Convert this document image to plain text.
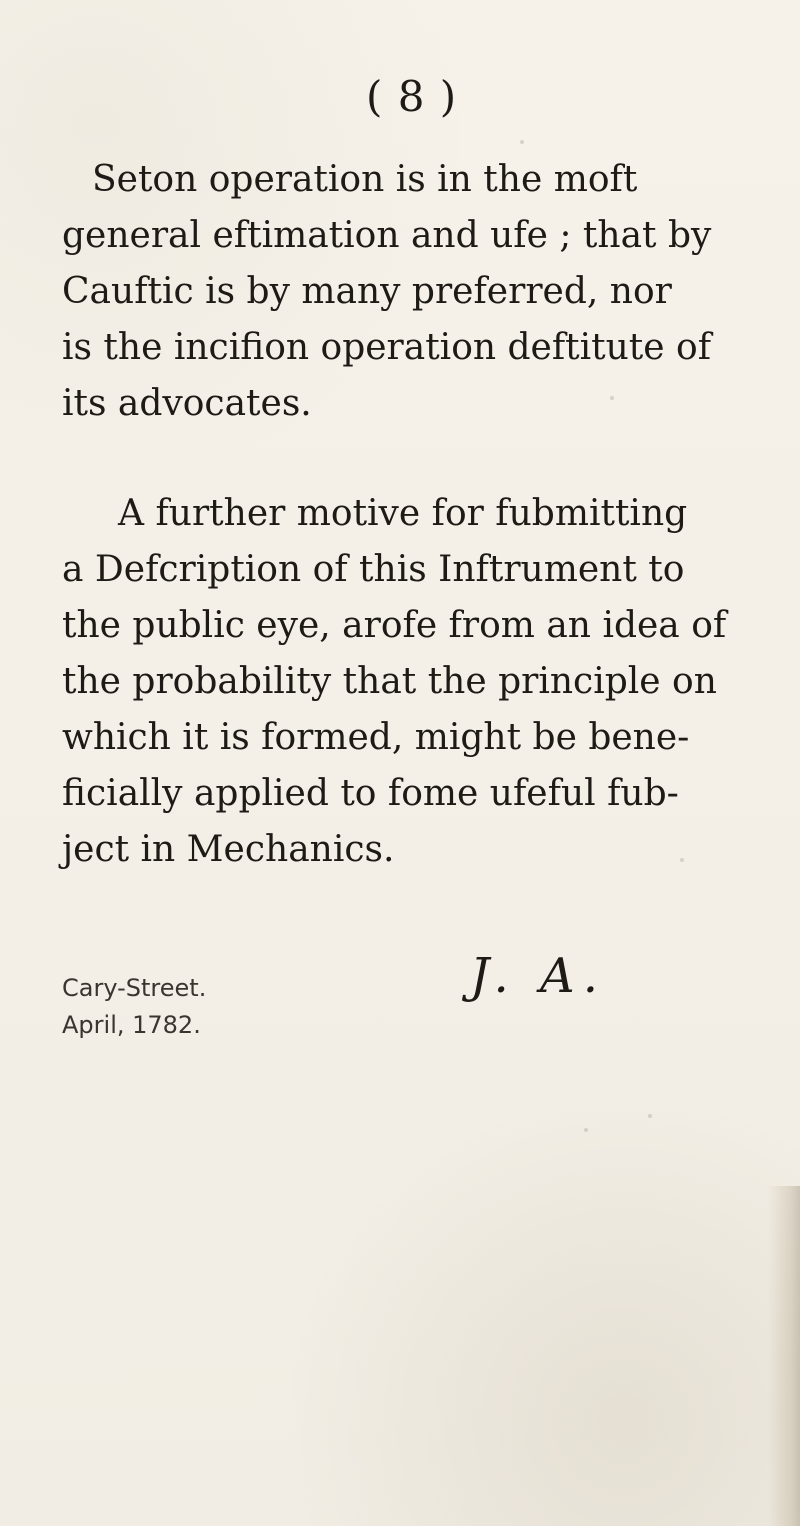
( 8 )

Seton operation is in the moft
general eftimation and ufe ; that by
Cauftic is by many preferred, nor
is the incifion operation deftitute of
its advocates.

A further motive for fubmitting
a Defcription of this Inftrument to
the public eye, arofe from an idea of
the probability that the principle on
which it is formed, might be bene-
ficially applied to fome ufeful fub-
ject in Mechanics.

Cary-Street.
April, 1782.
J. A.
